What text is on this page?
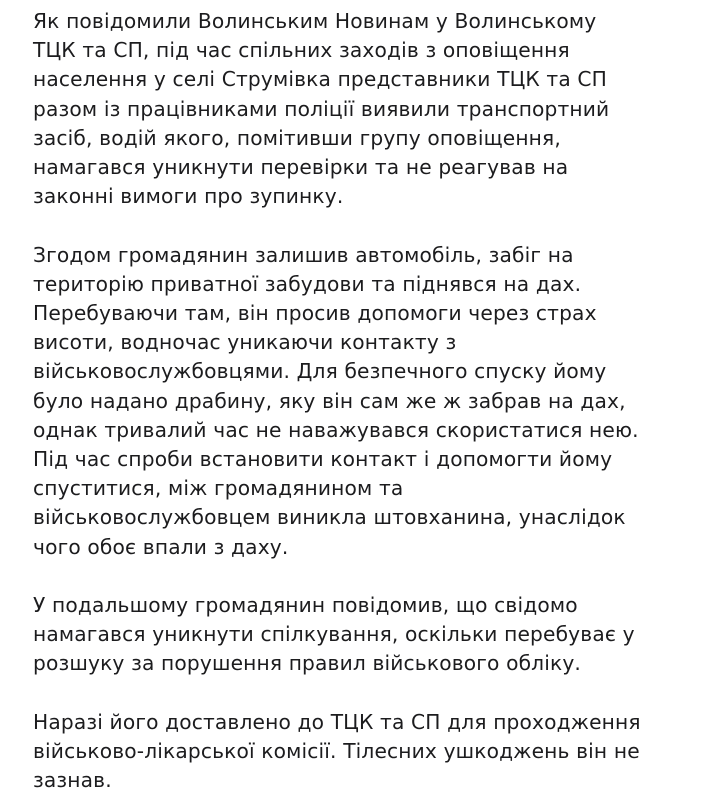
Як повідомили Волинським Новинам у Волинському
ТЦК та СП, під час спільних заходів з оповіщення
населення у селі Струмівка представники ТЦК та СП
разом із працівниками поліції виявили транспортний
засіб, водій якого, помітивши групу оповіщення,
намагався уникнути перевірки та не реагував на
законні вимоги про зупинку.

Згодом громадянин залишив автомобіль, забіг на
територію приватної забудови та піднявся на дах.
Перебуваючи там, він просив допомоги через страх
висоти, водночас уникаючи контакту з
військовослужбовцями. Для безпечного спуску йому
було надано драбину, яку він сам же ж забрав на дах,
однак тривалий час не наважувався скористатися нею.
Під час спроби встановити контакт і допомогти йому
спуститися, між громадянином та
військовослужбовцем виникла штовханина, унаслідок
чого обоє впали з даху.

У подальшому громадянин повідомив, що свідомо
намагався уникнути спілкування, оскільки перебуває у
розшуку за порушення правил військового обліку.

Наразі його доставлено до ТЦК та СП для проходження
військово-лікарської комісії. Тілесних ушкоджень він не
зазнав.
